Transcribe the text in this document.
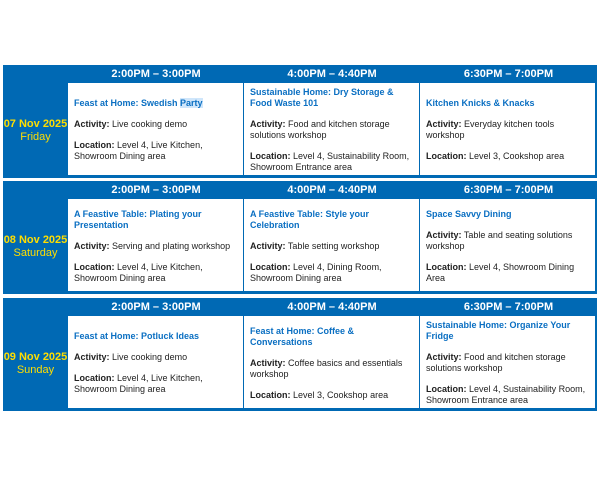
07 Nov 2025
Friday
2:00PM – 3:00PM	4:00PM – 4:40PM	6:30PM – 7:00PM
Feast at Home: Swedish Party
Activity: Live cooking demo
Location: Level 4, Live Kitchen, Showroom Dining area
Sustainable Home: Dry Storage & Food Waste 101
Activity: Food and kitchen storage solutions workshop
Location: Level 4, Sustainability Room, Showroom Entrance area
Kitchen Knicks & Knacks
Activity: Everyday kitchen tools workshop
Location: Level 3, Cookshop area
08 Nov 2025
Saturday
2:00PM – 3:00PM	4:00PM – 4:40PM	6:30PM – 7:00PM
A Feastive Table: Plating your Presentation
Activity: Serving and plating workshop
Location: Level 4, Live Kitchen, Showroom Dining area
A Feastive Table: Style your Celebration
Activity: Table setting workshop
Location: Level 4, Dining Room, Showroom Dining area
Space Savvy Dining
Activity: Table and seating solutions workshop
Location: Level 4, Showroom Dining Area
09 Nov 2025
Sunday
2:00PM – 3:00PM	4:00PM – 4:40PM	6:30PM – 7:00PM
Feast at Home: Potluck Ideas
Activity: Live cooking demo
Location: Level 4, Live Kitchen, Showroom Dining area
Feast at Home: Coffee & Conversations
Activity: Coffee basics and essentials workshop
Location: Level 3, Cookshop area
Sustainable Home: Organize Your Fridge
Activity: Food and kitchen storage solutions workshop
Location: Level 4, Sustainability Room, Showroom Entrance area
